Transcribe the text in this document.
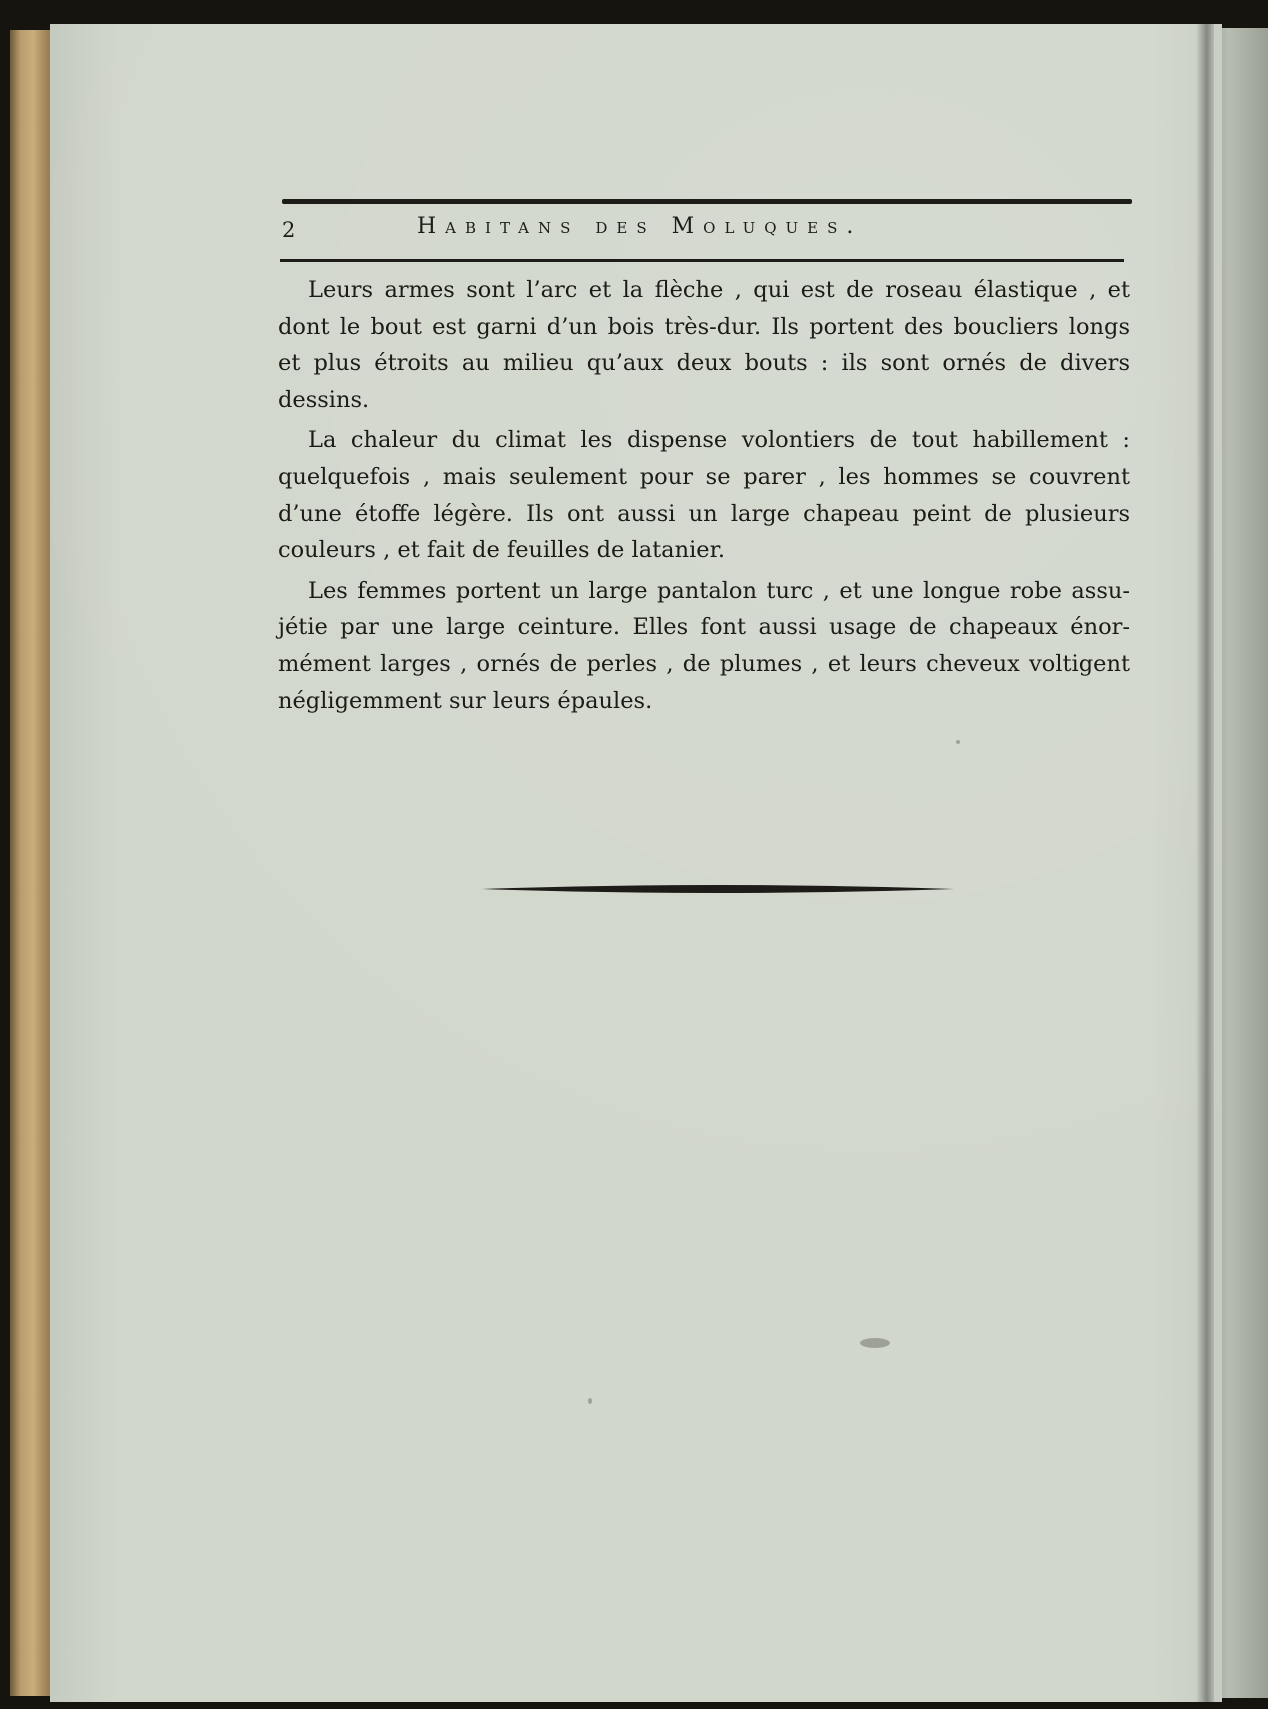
2	Habitans des Moluques.
Leurs armes sont l’arc et la flèche , qui est de roseau élastique , et
dont le bout est garni d’un bois très-dur. Ils portent des boucliers longs
et plus étroits au milieu qu’aux deux bouts : ils sont ornés de divers
dessins.
La chaleur du climat les dispense volontiers de tout habillement :
quelquefois , mais seulement pour se parer , les hommes se couvrent
d’une étoffe légère. Ils ont aussi un large chapeau peint de plusieurs
couleurs , et fait de feuilles de latanier.
Les femmes portent un large pantalon turc , et une longue robe assu-
jétie par une large ceinture. Elles font aussi usage de chapeaux énor-
mément larges , ornés de perles , de plumes , et leurs cheveux voltigent
négligemment sur leurs épaules.
